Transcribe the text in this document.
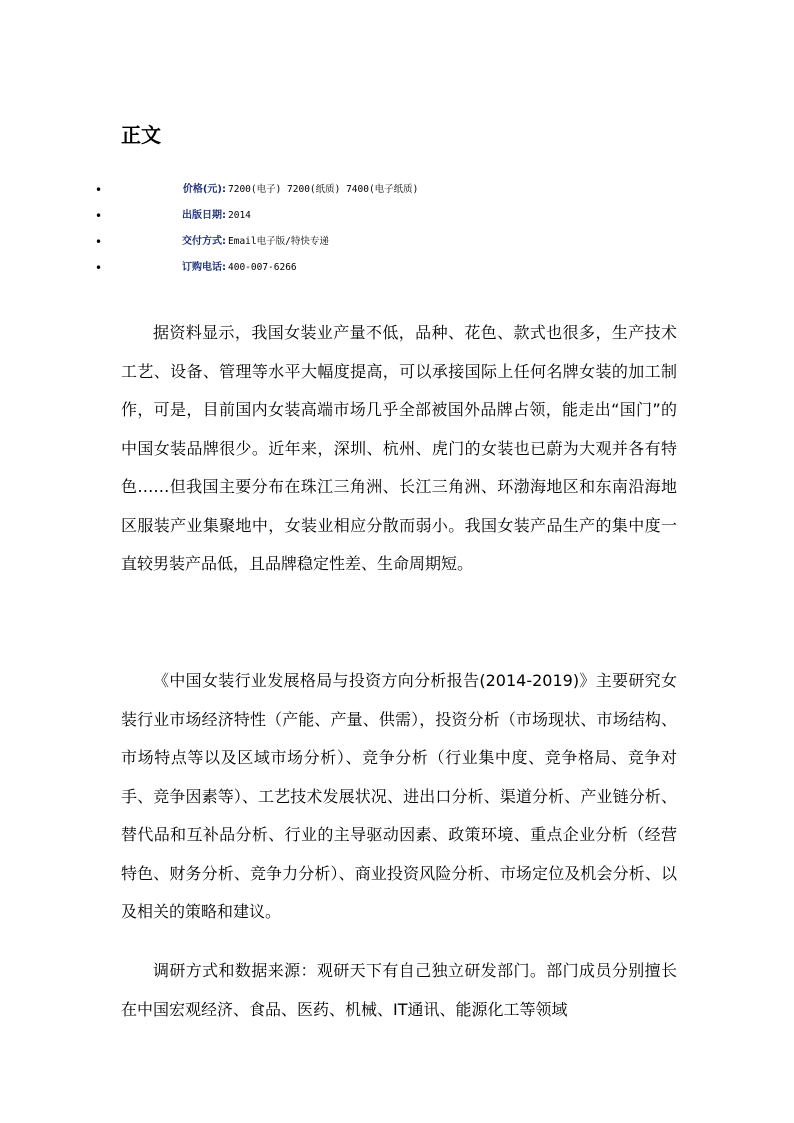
正文
•	价格(元): 7200(电子) 7200(纸质) 7400(电子纸质)
•	出版日期: 2014
•	交付方式: Email电子版/特快专递
•	订购电话: 400-007-6266

据资料显示，我国女装业产量不低，品种、花色、款式也很多，生产技术工艺、设备、管理等水平大幅度提高，可以承接国际上任何名牌女装的加工制作，可是，目前国内女装高端市场几乎全部被国外品牌占领，能走出“国门”的中国女装品牌很少。近年来，深圳、杭州、虎门的女装也已蔚为大观并各有特色……但我国主要分布在珠江三角洲、长江三角洲、环渤海地区和东南沿海地区服装产业集聚地中，女装业相应分散而弱小。我国女装产品生产的集中度一直较男装产品低，且品牌稳定性差、生命周期短。

《中国女装行业发展格局与投资方向分析报告(2014-2019)》主要研究女装行业市场经济特性（产能、产量、供需），投资分析（市场现状、市场结构、市场特点等以及区域市场分析）、竞争分析（行业集中度、竞争格局、竞争对手、竞争因素等）、工艺技术发展状况、进出口分析、渠道分析、产业链分析、替代品和互补品分析、行业的主导驱动因素、政策环境、重点企业分析（经营特色、财务分析、竞争力分析）、商业投资风险分析、市场定位及机会分析、以及相关的策略和建议。

调研方式和数据来源：观研天下有自己独立研发部门。部门成员分别擅长在中国宏观经济、食品、医药、机械、IT通讯、能源化工等领域
